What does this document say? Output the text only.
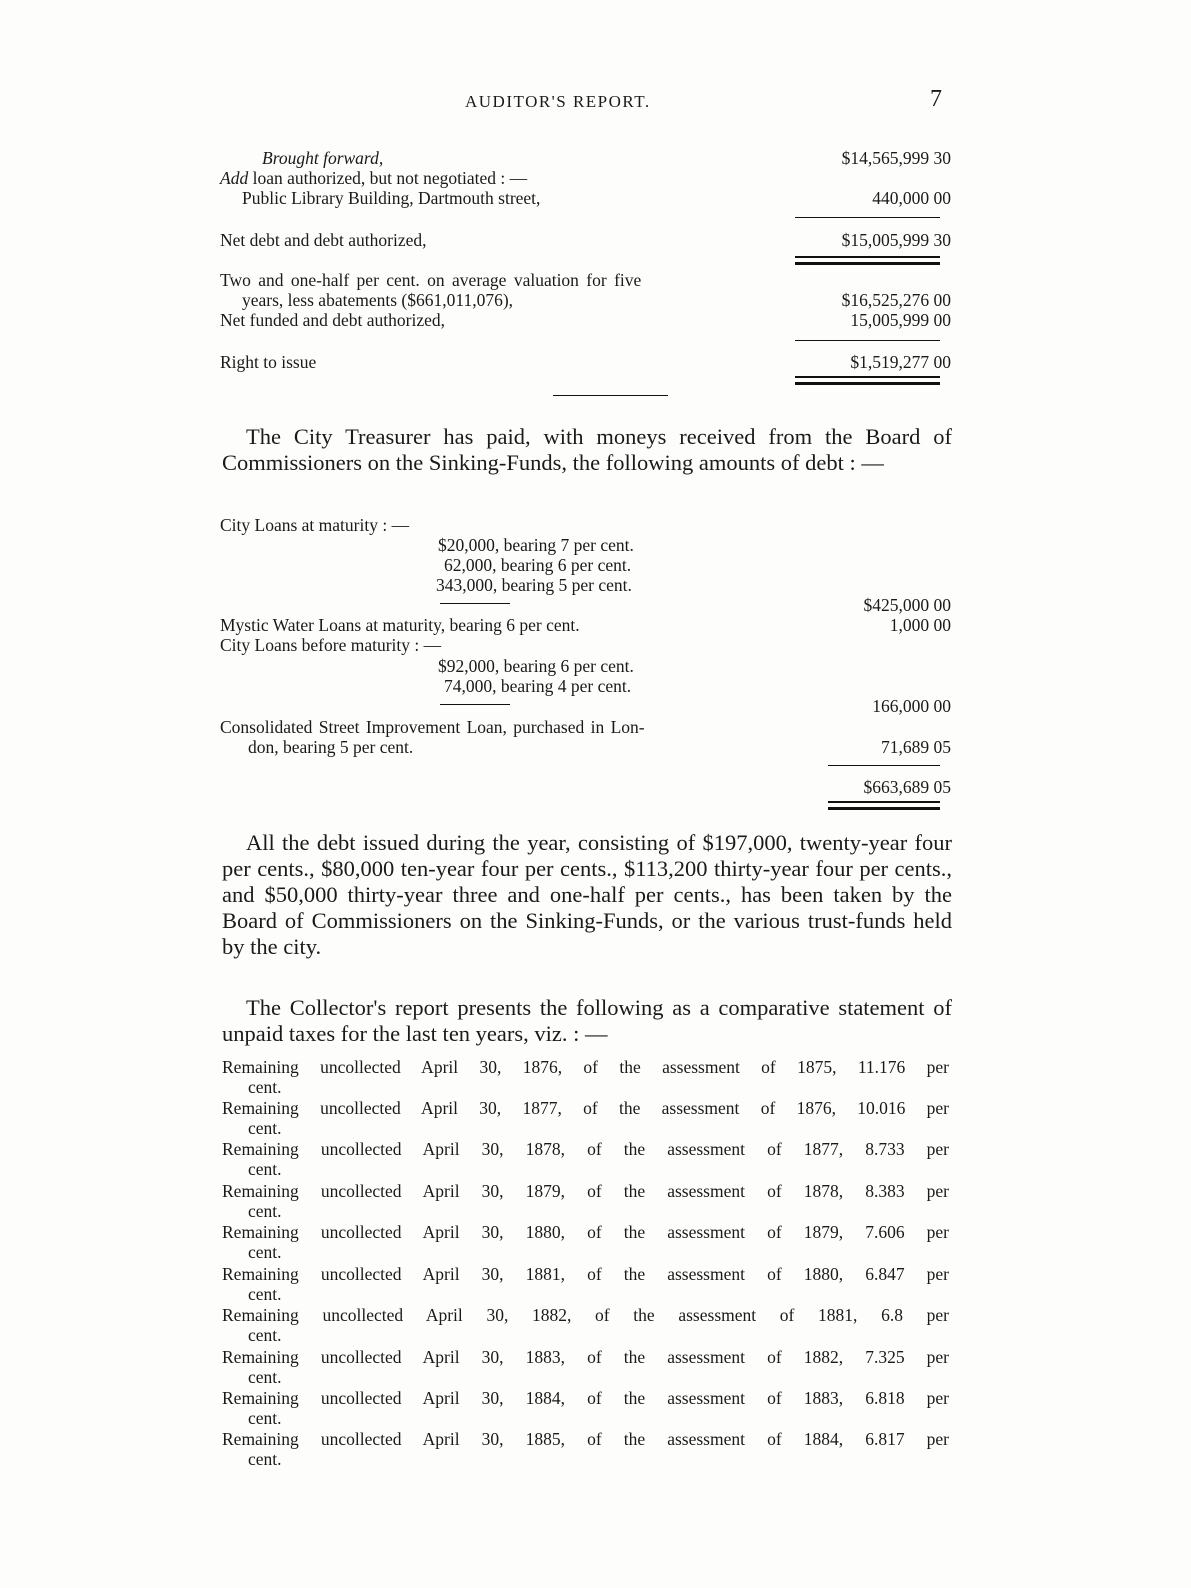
AUDITOR'S REPORT.	7
Brought forward,	$14,565,999 30
Add loan authorized, but not negotiated : —
Public Library Building, Dartmouth street,	440,000 00
Net debt and debt authorized,	$15,005,999 30
Two and one-half per cent. on average valuation for five
years, less abatements ($661,011,076),	$16,525,276 00
Net funded and debt authorized,	15,005,999 00
Right to issue	$1,519,277 00
The City Treasurer has paid, with moneys received from the Board of Commissioners on the Sinking-Funds, the following amounts of debt : —
City Loans at maturity : —
$20,000, bearing 7 per cent.
62,000, bearing 6 per cent.
343,000, bearing 5 per cent.
$425,000 00
Mystic Water Loans at maturity, bearing 6 per cent.	1,000 00
City Loans before maturity : —
$92,000, bearing 6 per cent.
74,000, bearing 4 per cent.
166,000 00
Consolidated Street Improvement Loan, purchased in Lon-
don, bearing 5 per cent.	71,689 05
$663,689 05
All the debt issued during the year, consisting of $197,000, twenty-year four per cents., $80,000 ten-year four per cents., $113,200 thirty-year four per cents., and $50,000 thirty-year three and one-half per cents., has been taken by the Board of Commissioners on the Sinking-Funds, or the various trust-funds held by the city.
The Collector's report presents the following as a comparative statement of unpaid taxes for the last ten years, viz. : —
Remaining uncollected April 30, 1876, of the assessment of 1875, 11.176 per
cent.
Remaining uncollected April 30, 1877, of the assessment of 1876, 10.016 per
cent.
Remaining uncollected April 30, 1878, of the assessment of 1877, 8.733 per
cent.
Remaining uncollected April 30, 1879, of the assessment of 1878, 8.383 per
cent.
Remaining uncollected April 30, 1880, of the assessment of 1879, 7.606 per
cent.
Remaining uncollected April 30, 1881, of the assessment of 1880, 6.847 per
cent.
Remaining uncollected April 30, 1882, of the assessment of 1881, 6.8 per
cent.
Remaining uncollected April 30, 1883, of the assessment of 1882, 7.325 per
cent.
Remaining uncollected April 30, 1884, of the assessment of 1883, 6.818 per
cent.
Remaining uncollected April 30, 1885, of the assessment of 1884, 6.817 per
cent.
